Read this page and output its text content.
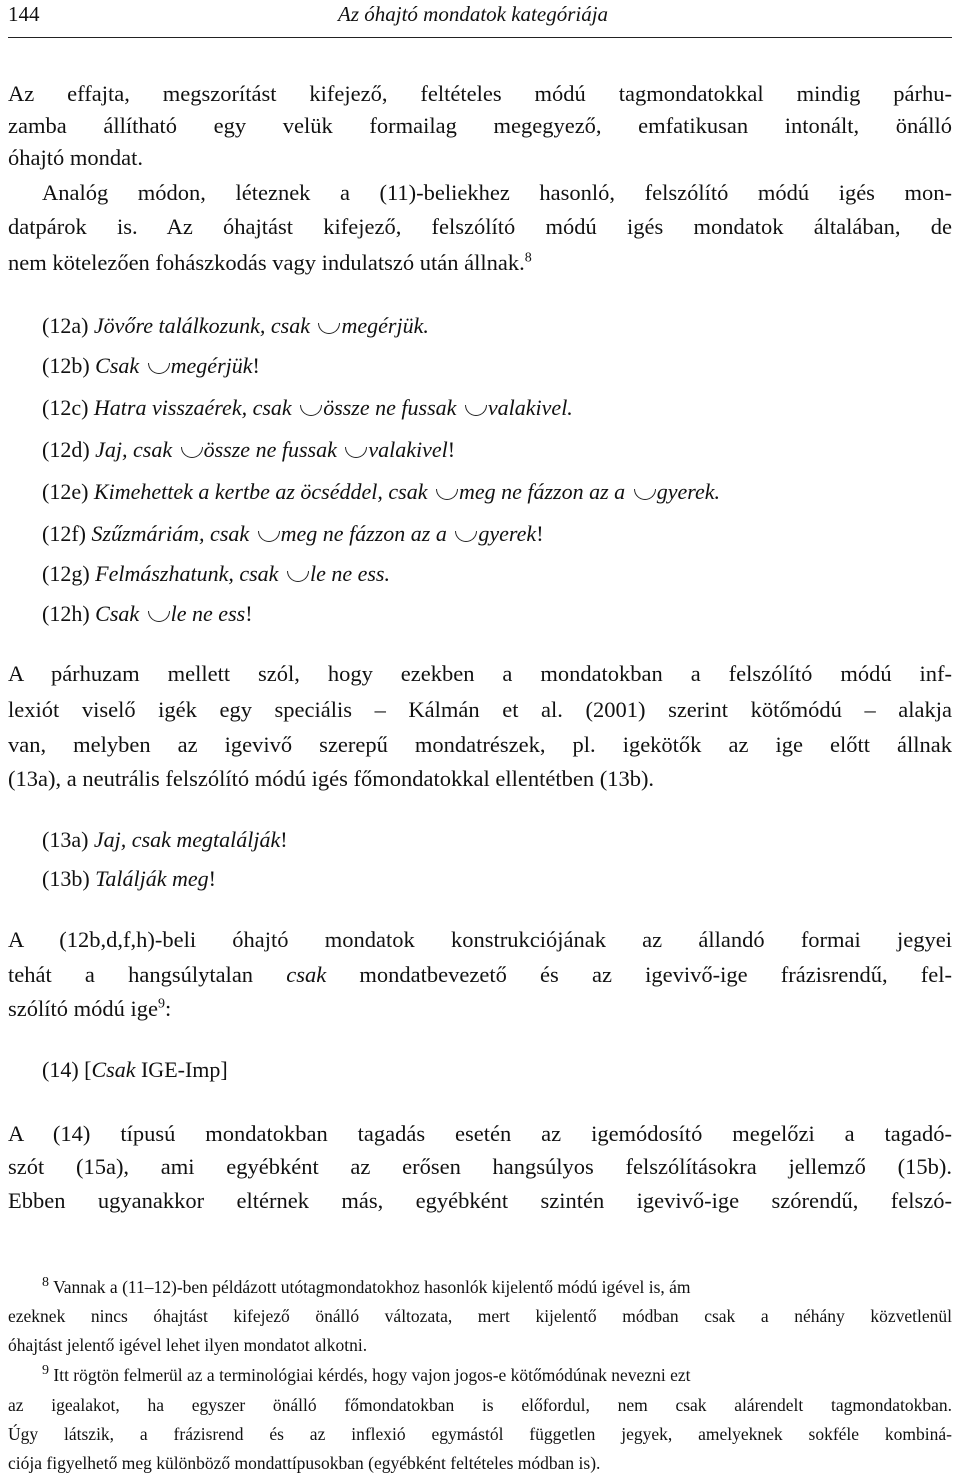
144	Az óhajtó mondatok kategóriája
Az effajta, megszorítást kifejező, feltételes módú tagmondatokkal mindig párhu-
zamba állítható egy velük formailag megegyező, emfatikusan intonált, önálló
óhajtó mondat.
Analóg módon, léteznek a (11)-beliekhez hasonló, felszólító módú igés mon-
datpárok is. Az óhajtást kifejező, felszólító módú igés mondatok általában, de
nem kötelezően fohászkodás vagy indulatszó után állnak.$^8$
(12a) Jövőre találkozunk, csak megérjük.
(12b) Csak megérjük!
(12c) Hatra visszaérek, csak össze ne fussak valakivel.
(12d) Jaj, csak össze ne fussak valakivel!
(12e) Kimehettek a kertbe az öcséddel, csak meg ne fázzon az a gyerek.
(12f) Szűzmáriám, csak meg ne fázzon az a gyerek!
(12g) Felmászhatunk, csak le ne ess.
(12h) Csak le ne ess!
A párhuzam mellett szól, hogy ezekben a mondatokban a felszólító módú inf-
lexiót viselő igék egy speciális – Kálmán et al. (2001) szerint kötőmódú – alakja
van, melyben az igevivő szerepű mondatrészek, pl. igekötők az ige előtt állnak
(13a), a neutrális felszólító módú igés főmondatokkal ellentétben (13b).
(13a) Jaj, csak megtalálják!
(13b) Találják meg!
A (12b,d,f,h)-beli óhajtó mondatok konstrukciójának az állandó formai jegyei
tehát a hangsúlytalan csak mondatbevezető és az igevivő-ige frázisrendű, fel-
szólító módú ige$^9$:
(14) [Csak IGE-Imp]
A (14) típusú mondatokban tagadás esetén az igemódosító megelőzi a tagadó-
szót (15a), ami egyébként az erősen hangsúlyos felszólításokra jellemző (15b).
Ebben ugyanakkor eltérnek más, egyébként szintén igevivő-ige szórendű, felszó-
$^8$ Vannak a (11–12)-ben példázott utótagmondatokhoz hasonlók kijelentő módú igével is, ám
ezeknek nincs óhajtást kifejező önálló változata, mert kijelentő módban csak a néhány közvetlenül
óhajtást jelentő igével lehet ilyen mondatot alkotni.
$^9$ Itt rögtön felmerül az a terminológiai kérdés, hogy vajon jogos-e kötőmódúnak nevezni ezt
az igealakot, ha egyszer önálló főmondatokban is előfordul, nem csak alárendelt tagmondatokban.
Úgy látszik, a frázisrend és az inflexió egymástól független jegyek, amelyeknek sokféle kombiná-
ciója figyelhető meg különböző mondattípusokban (egyébként feltételes módban is).
